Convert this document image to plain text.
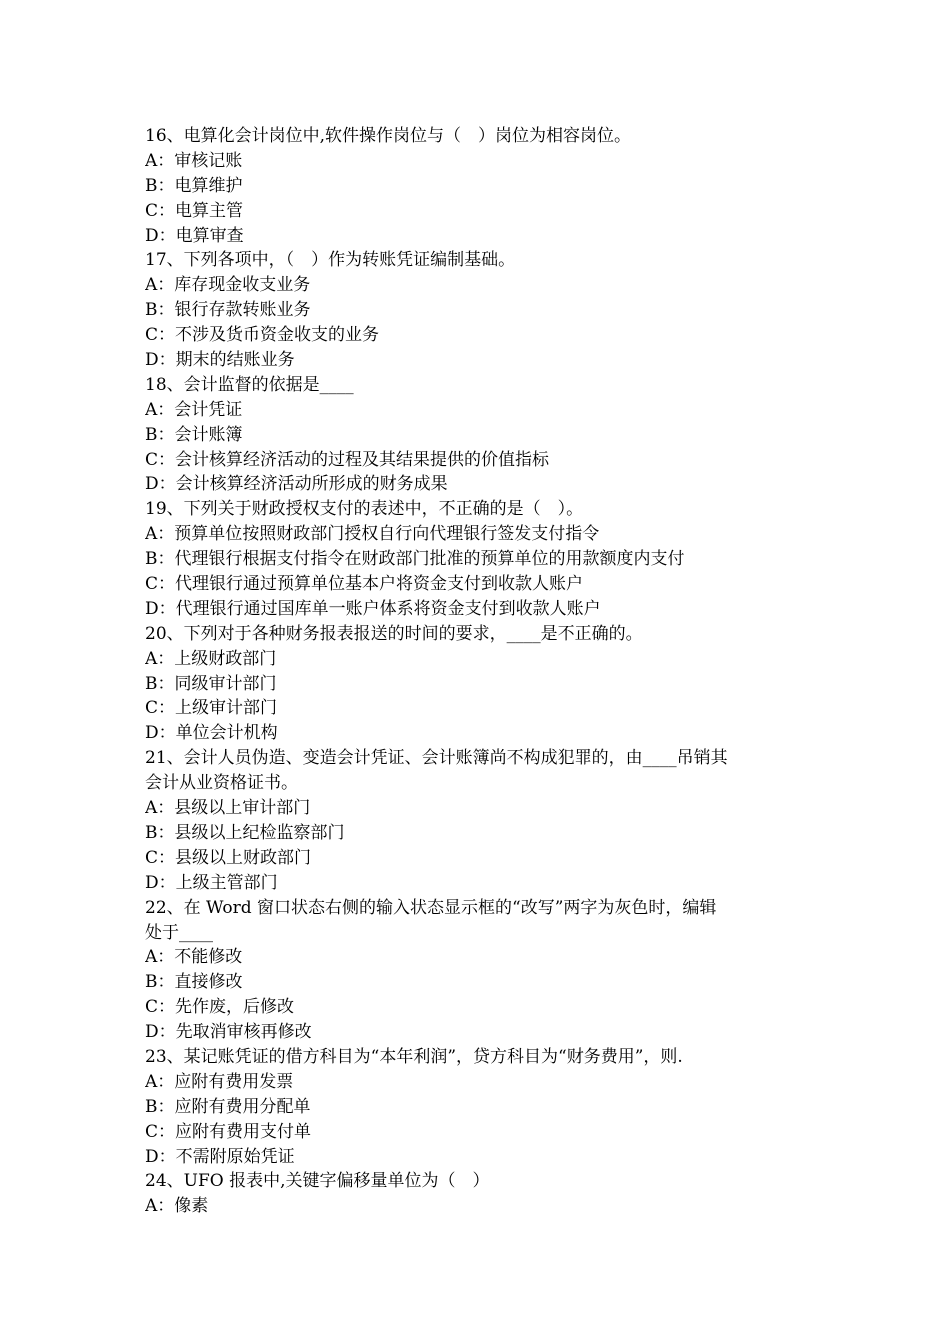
16、电算化会计岗位中,软件操作岗位与（　）岗位为相容岗位。
A：审核记账
B：电算维护
C：电算主管
D：电算审查
17、下列各项中，（　）作为转账凭证编制基础。
A：库存现金收支业务
B：银行存款转账业务
C：不涉及货币资金收支的业务
D：期末的结账业务
18、会计监督的依据是____
A：会计凭证
B：会计账簿
C：会计核算经济活动的过程及其结果提供的价值指标
D：会计核算经济活动所形成的财务成果
19、下列关于财政授权支付的表述中，不正确的是（　）。
A：预算单位按照财政部门授权自行向代理银行签发支付指令
B：代理银行根据支付指令在财政部门批准的预算单位的用款额度内支付
C：代理银行通过预算单位基本户将资金支付到收款人账户
D：代理银行通过国库单一账户体系将资金支付到收款人账户
20、下列对于各种财务报表报送的时间的要求，____是不正确的。
A：上级财政部门
B：同级审计部门
C：上级审计部门
D：单位会计机构
21、会计人员伪造、变造会计凭证、会计账簿尚不构成犯罪的，由____吊销其
会计从业资格证书。
A：县级以上审计部门
B：县级以上纪检监察部门
C：县级以上财政部门
D：上级主管部门
22、在 Word 窗口状态右侧的输入状态显示框的“改写”两字为灰色时，编辑
处于____
A：不能修改
B：直接修改
C：先作废，后修改
D：先取消审核再修改
23、某记账凭证的借方科目为“本年利润”，贷方科目为“财务费用”，则.
A：应附有费用发票
B：应附有费用分配单
C：应附有费用支付单
D：不需附原始凭证
24、UFO 报表中,关键字偏移量单位为（　）
A：像素
